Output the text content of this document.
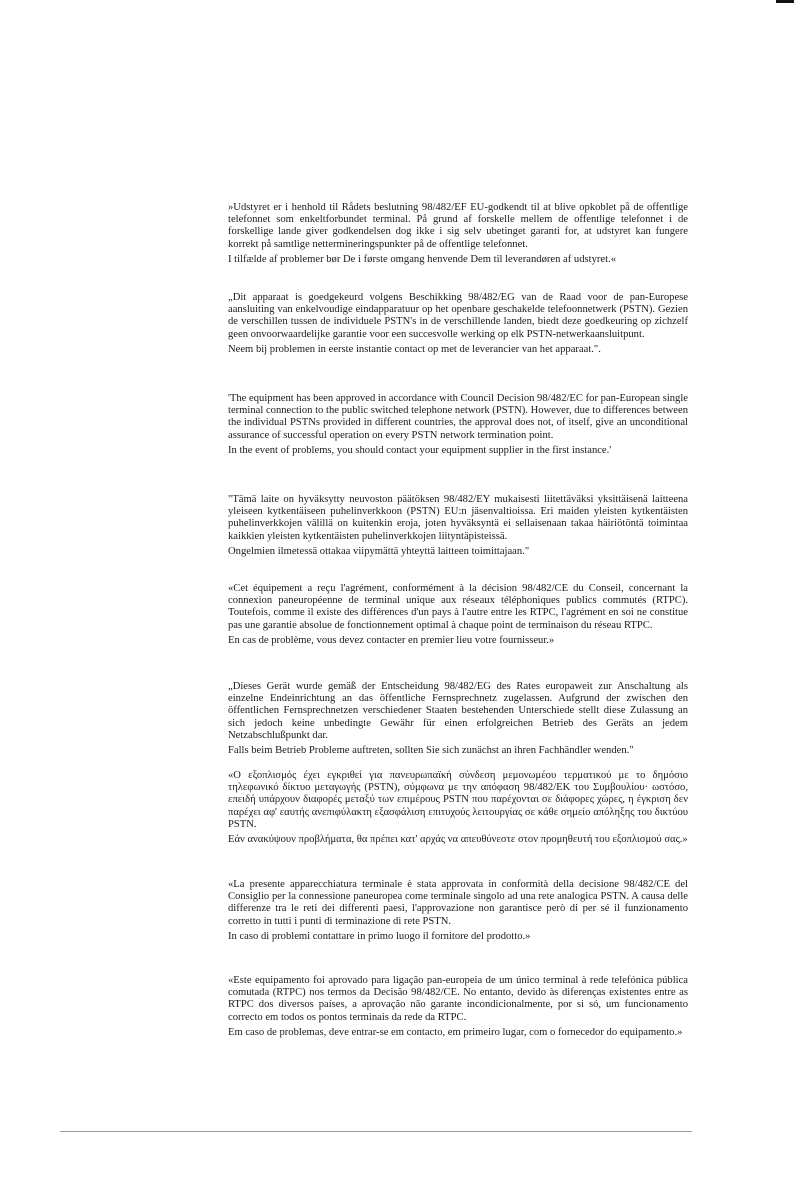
»Udstyret er i henhold til Rådets beslutning 98/482/EF EU-godkendt til at blive opkoblet på de offentlige telefonnet som enkeltforbundet terminal. På grund af forskelle mellem de offentlige telefonnet i de forskellige lande giver godkendelsen dog ikke i sig selv ubetinget garanti for, at udstyret kan fungere korrekt på samtlige nettermineringspunkter på de offentlige telefonnet.

I tilfælde af problemer bør De i første omgang henvende Dem til leverandøren af udstyret.«

„Dit apparaat is goedgekeurd volgens Beschikking 98/482/EG van de Raad voor de pan-Europese aansluiting van enkelvoudige eindapparatuur op het openbare geschakelde telefoonnetwerk (PSTN). Gezien de verschillen tussen de individuele PSTN's in de verschillende landen, biedt deze goedkeuring op zichzelf geen onvoorwaardelijke garantie voor een succesvolle werking op elk PSTN-netwerkaansluitpunt.

Neem bij problemen in eerste instantie contact op met de leverancier van het apparaat.".

'The equipment has been approved in accordance with Council Decision 98/482/EC for pan-European single terminal connection to the public switched telephone network (PSTN). However, due to differences between the individual PSTNs provided in different countries, the approval does not, of itself, give an unconditional assurance of successful operation on every PSTN network termination point.

In the event of problems, you should contact your equipment supplier in the first instance.'

"Tämä laite on hyväksytty neuvoston päätöksen 98/482/EY mukaisesti liitettäväksi yksittäisenä laitteena yleiseen kytkentäiseen puhelinverkkoon (PSTN) EU:n jäsenvaltioissa. Eri maiden yleisten kytkentäisten puhelinverkkojen välillä on kuitenkin eroja, joten hyväksyntä ei sellaisenaan takaa häiriötöntä toimintaa kaikkien yleisten kytkentäisten puhelinverkkojen liityntäpisteissä.

Ongelmien ilmetessä ottakaa viipymättä yhteyttä laitteen toimittajaan."

«Cet équipement a reçu l'agrément, conformément à la décision 98/482/CE du Conseil, concernant la connexion paneuropéenne de terminal unique aux réseaux téléphoniques publics commutés (RTPC). Toutefois, comme il existe des différences d'un pays à l'autre entre les RTPC, l'agrément en soi ne constitue pas une garantie absolue de fonctionnement optimal à chaque point de terminaison du réseau RTPC.

En cas de problème, vous devez contacter en premier lieu votre fournisseur.»

„Dieses Gerät wurde gemäß der Entscheidung 98/482/EG des Rates europaweit zur Anschaltung als einzelne Endeinrichtung an das öffentliche Fernsprechnetz zugelassen. Aufgrund der zwischen den öffentlichen Fernsprechnetzen verschiedener Staaten bestehenden Unterschiede stellt diese Zulassung an sich jedoch keine unbedingte Gewähr für einen erfolgreichen Betrieb des Geräts an jedem Netzabschlußpunkt dar.

Falls beim Betrieb Probleme auftreten, sollten Sie sich zunächst an ihren Fachhändler wenden."

«Ο εξοπλισμός έχει εγκριθεί για πανευρωπαϊκή σύνδεση μεμονωμέου τερματικού με το δημόσιο τηλεφωνικό δίκτυο μεταγωγής (PSTN), σύμφωνα με την απόφαση 98/482/ΕΚ του Συμβουλίου· ωστόσο, επειδή υπάρχουν διαφορές μεταξύ των επιμέρους PSTN που παρέχονται σε διάφορες χώρες, η έγκριση δεν παρέχει αφ' εαυτής ανεπιφύλακτη εξασφάλιση επιτυχούς λειτουργίας σε κάθε σημείο απόληξης του δικτύου PSTN.

Εάν ανακύψουν προβλήματα, θα πρέπει κατ' αρχάς να απευθύνεστε στον προμηθευτή του εξοπλισμού σας.»

«La presente apparecchiatura terminale è stata approvata in conformità della decisione 98/482/CE del Consiglio per la connessione paneuropea come terminale singolo ad una rete analogica PSTN. A causa delle differenze tra le reti dei differenti paesi, l'approvazione non garantisce però di per sé il funzionamento corretto in tutti i punti di terminazione di rete PSTN.

In caso di problemi contattare in primo luogo il fornitore del prodotto.»

«Este equipamento foi aprovado para ligação pan-europeia de um único terminal à rede telefónica pública comutada (RTPC) nos termos da Decisão 98/482/CE. No entanto, devido às diferenças existentes entre as RTPC dos diversos países, a aprovação não garante incondicionalmente, por si só, um funcionamento correcto em todos os pontos terminais da rede da RTPC.

Em caso de problemas, deve entrar-se em contacto, em primeiro lugar, com o fornecedor do equipamento.»
